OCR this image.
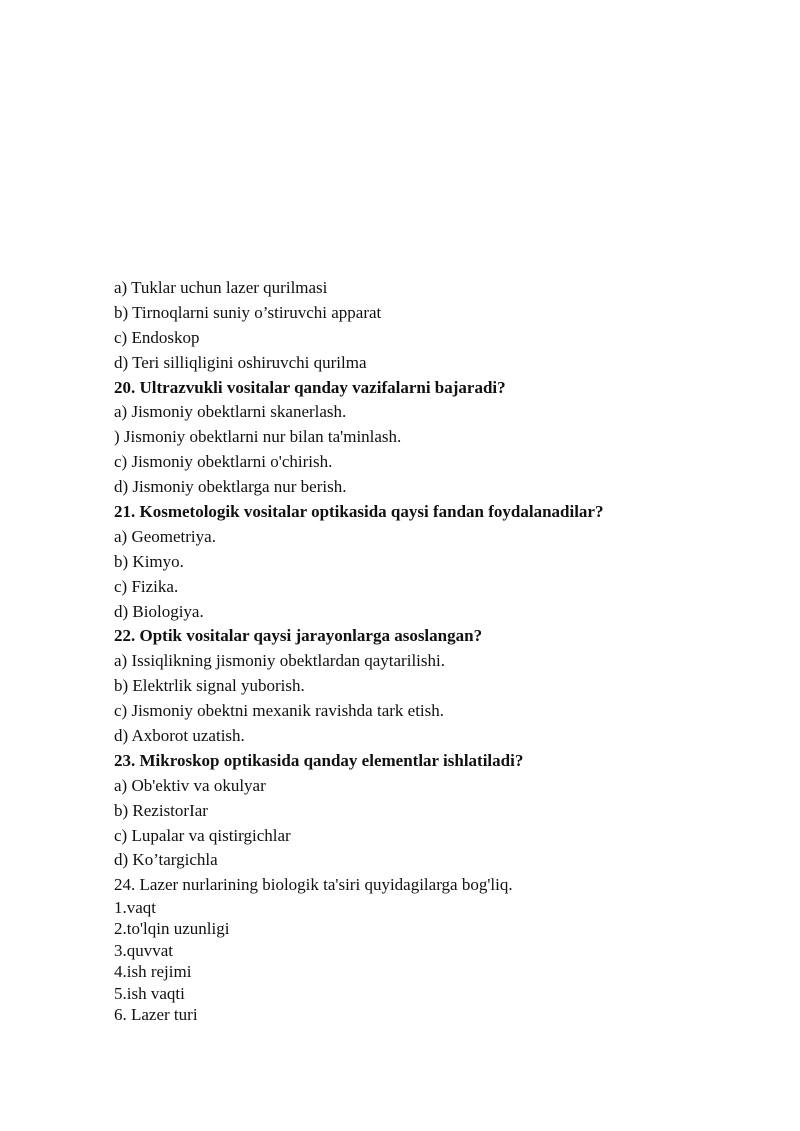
a) Tuklar uchun lazer qurilmasi
b) Tirnoqlarni suniy o’stiruvchi apparat
c) Endoskop
d) Teri silliqligini oshiruvchi qurilma
20. Ultrazvukli vositalar qanday vazifalarni bajaradi?
a) Jismoniy obektlarni skanerlash.
) Jismoniy obektlarni nur bilan ta'minlash.
c) Jismoniy obektlarni o'chirish.
d) Jismoniy obektlarga nur berish.
21. Kosmetologik vositalar optikasida qaysi fandan foydalanadilar?
a) Geometriya.
b) Kimyo.
c) Fizika.
d) Biologiya.
22. Optik vositalar qaysi jarayonlarga asoslangan?
a) Issiqlikning jismoniy obektlardan qaytarilishi.
b) Elektrlik signal yuborish.
c) Jismoniy obektni mexanik ravishda tark etish.
d) Axborot uzatish.
23. Mikroskop optikasida qanday elementlar ishlatiladi?
a) Ob'ektiv va okulyar
b) RezistorIar
c) Lupalar va qistirgichlar
d) Ko’targichla
24. Lazer nurlarining biologik ta'siri quyidagilarga bog'liq.
1.vaqt
2.to'lqin uzunligi
3.quvvat
4.ish rejimi
5.ish vaqti
6. Lazer turi
